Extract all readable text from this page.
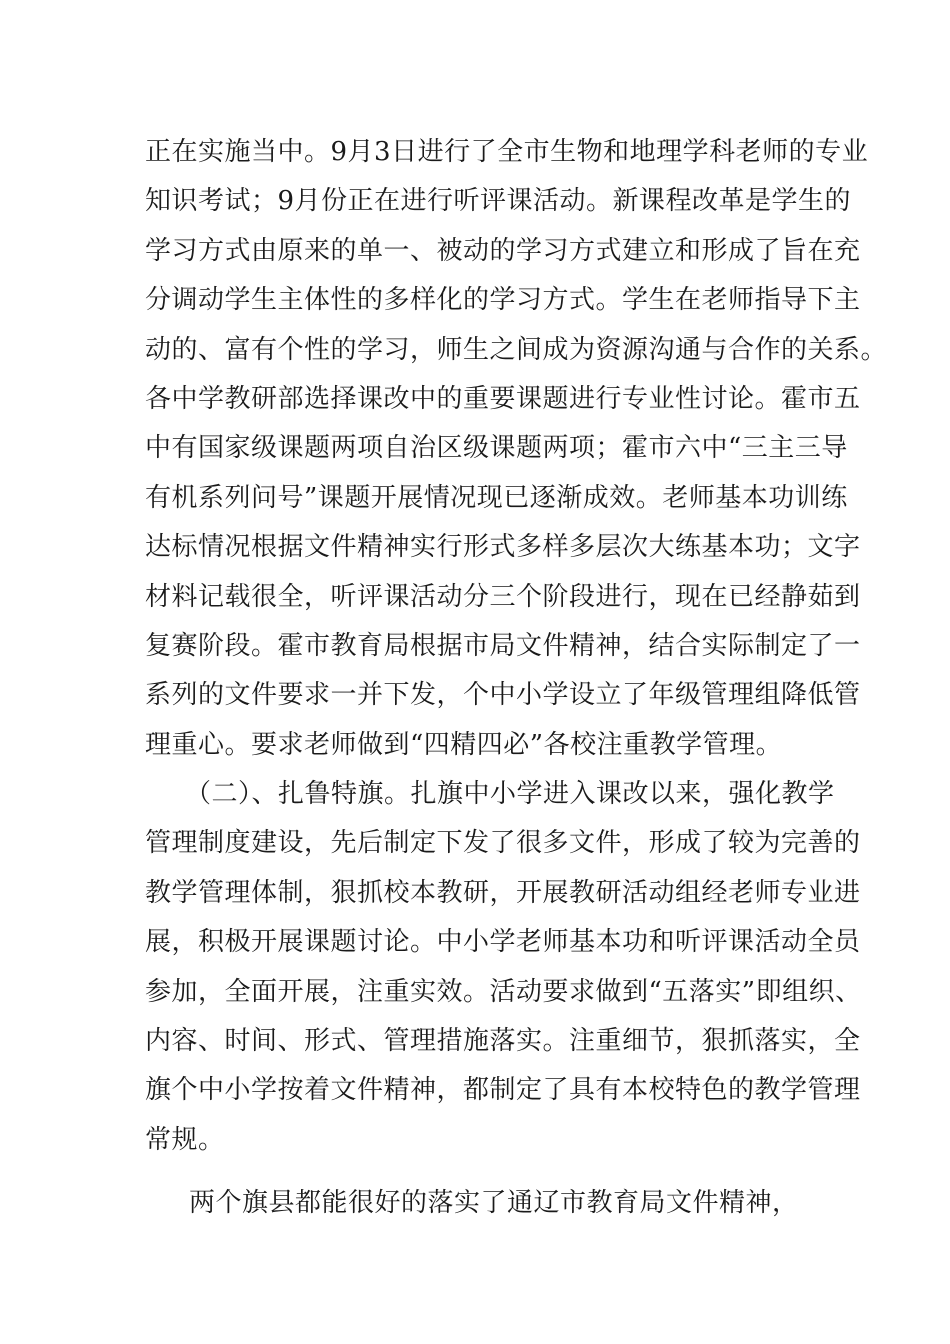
正在实施当中。9月3日进行了全市生物和地理学科老师的专业
知识考试；9月份正在进行听评课活动。新课程改革是学生的
学习方式由原来的单一、被动的学习方式建立和形成了旨在充
分调动学生主体性的多样化的学习方式。学生在老师指导下主
动的、富有个性的学习，师生之间成为资源沟通与合作的关系。
各中学教研部选择课改中的重要课题进行专业性讨论。霍市五
中有国家级课题两项自治区级课题两项；霍市六中“三主三导
有机系列问号”课题开展情况现已逐渐成效。老师基本功训练
达标情况根据文件精神实行形式多样多层次大练基本功；文字
材料记载很全，听评课活动分三个阶段进行，现在已经静茹到
复赛阶段。霍市教育局根据市局文件精神，结合实际制定了一
系列的文件要求一并下发，个中小学设立了年级管理组降低管
理重心。要求老师做到“四精四必”各校注重教学管理。
（二）、扎鲁特旗。扎旗中小学进入课改以来，强化教学
管理制度建设，先后制定下发了很多文件，形成了较为完善的
教学管理体制，狠抓校本教研，开展教研活动组经老师专业进
展，积极开展课题讨论。中小学老师基本功和听评课活动全员
参加，全面开展，注重实效。活动要求做到“五落实”即组织、
内容、时间、形式、管理措施落实。注重细节，狠抓落实，全
旗个中小学按着文件精神，都制定了具有本校特色的教学管理
常规。
两个旗县都能很好的落实了通辽市教育局文件精神，
